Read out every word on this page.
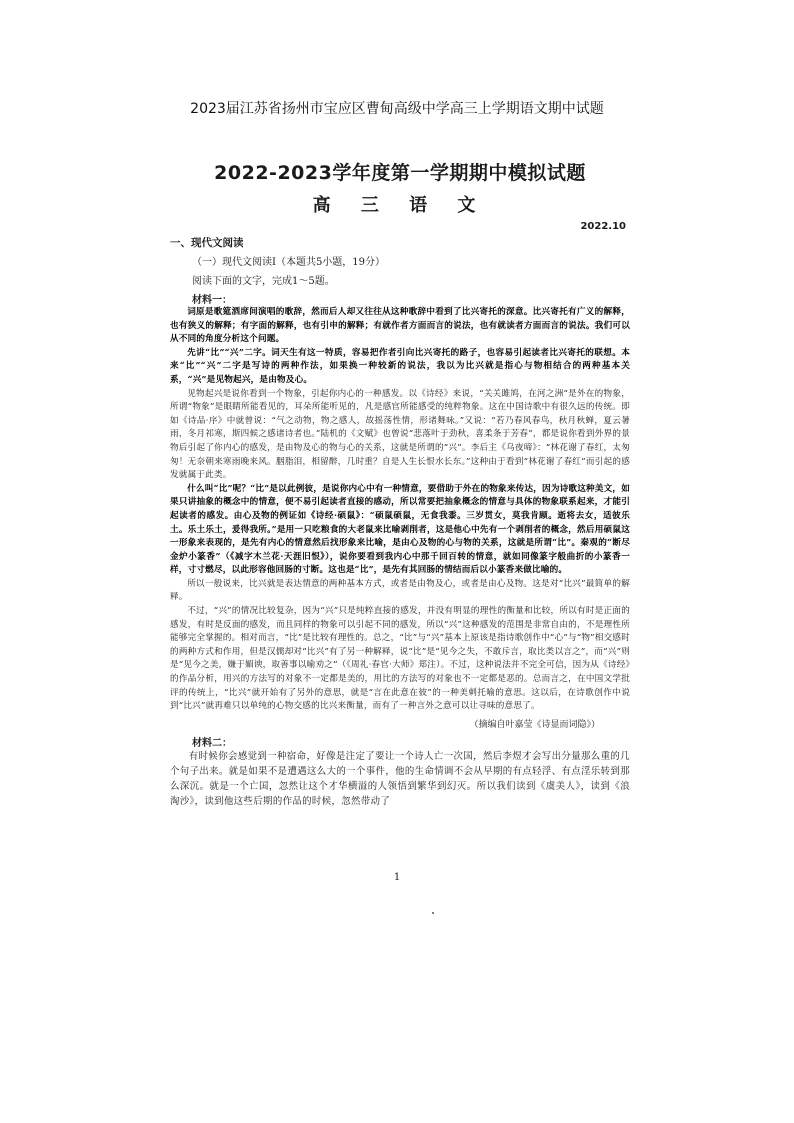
2023届江苏省扬州市宝应区曹甸高级中学高三上学期语文期中试题
2022-2023学年度第一学期期中模拟试题
高 三 语 文
2022.10
一、现代文阅读
（一）现代文阅读Ⅰ（本题共5小题，19分）
阅读下面的文字，完成1～5题。
材料一：

词原是歌筵酒席间演唱的歌辞，然而后人却又往往从这种歌辞中看到了比兴寄托的深意。比兴寄托有广义的解释，也有狭义的解释；有字面的解释，也有引申的解释；有就作者方面而言的说法，也有就读者方面而言的说法。我们可以从不同的角度分析这个问题。

先讲“比”“兴”二字。词天生有这一特质，容易把作者引向比兴寄托的路子，也容易引起读者比兴寄托的联想。本来“比”“兴”二字是写诗的两种作法，如果换一种较新的说法，我以为比兴就是指心与物相结合的两种基本关系，“兴”是见物起兴，是由物及心。

见物起兴是说你看到一个物象，引起你内心的一种感发。以《诗经》来说，“关关雎鸠，在河之洲”是外在的物象，所谓“物象”是眼睛所能看见的，耳朵所能听见的，凡是感官所能感受的纯粹物象。这在中国诗歌中有很久远的传统。即如《诗品·序》中就曾说：“气之动物，物之感人，故摇荡性情，形诸舞咏。”又说：“若乃春风春鸟，秋月秋蝉，夏云暑雨，冬月祁寒，斯四候之感诸诗者也。”陆机的《文赋》也曾说“悲落叶于劲秋，喜柔条于芳春”，都是说你看到外界的景物后引起了你内心的感发，是由物及心的物与心的关系，这就是所谓的“兴”。李后主《乌夜啼》：“林花谢了春红，太匆匆！无奈朝来寒雨晚来风。胭脂泪，相留醉，几时重？自是人生长恨水长东。”这种由于看到“林花谢了春红”而引起的感发就属于此类。

什么叫“比”呢？“比”是以此例彼，是说你内心中有一种情意，要借助于外在的物象来传达，因为诗歌这种美文，如果只讲抽象的概念中的情意，便不易引起读者直接的感动，所以常要把抽象概念的情意与具体的物象联系起来，才能引起读者的感发。由心及物的例证如《诗经·硕鼠》：“硕鼠硕鼠，无食我黍。三岁贯女，莫我肯顾。逝将去女，适彼乐土。乐土乐土，爰得我所。”是用一只吃粮食的大老鼠来比喻剥削者，这是他心中先有一个剥削者的概念，然后用硕鼠这一形象来表现的，是先有内心的情意然后找形象来比喻，是由心及物的心与物的关系，这就是所谓“比”。秦观的“断尽金炉小篆香”（《减字木兰花·天涯旧恨》），说你要看到我内心中那千回百转的情意，就如同像篆字般曲折的小篆香一样，寸寸燃尽，以此形容他回肠的寸断。这也是“比”，是先有其回肠的情结而后以小篆香来做比喻的。

所以一般说来，比兴就是表达情意的两种基本方式，或者是由物及心，或者是由心及物。这是对“比兴”最简单的解释。

不过，“兴”的情况比较复杂，因为“兴”只是纯粹直接的感发，并没有明显的理性的衡量和比较，所以有时是正面的感发，有时是反面的感发，而且同样的物象可以引起不同的感发，所以“兴”这种感发的范围是非常自由的，不是理性所能够完全掌握的。相对而言，“比”是比较有理性的。总之，“比”与“兴”基本上原该是指诗歌创作中“心”与“物”相交感时的两种方式和作用，但是汉儒却对“比兴”有了另一种解释，说“比”是“见今之失，不敢斥言，取比类以言之”，而“兴”则是“见今之美，嫌于媚谀，取善事以喻劝之”（《周礼·春官·大师》郑注）。不过，这种说法并不完全可信，因为从《诗经》的作品分析，用兴的方法写的对象不一定都是美的，用比的方法写的对象也不一定都是恶的。总而言之，在中国文学批评的传统上，“比兴”就开始有了另外的意思，就是“言在此意在彼”的一种美刺托喻的意思。这以后，在诗歌创作中说到“比兴”就再难只以单纯的心物交感的比兴来衡量，而有了一种言外之意可以让寻味的意思了。

（摘编自叶嘉莹《诗显而词隐》）
材料二：

有时候你会感觉到一种宿命，好像是注定了要让一个诗人亡一次国，然后李煜才会写出分量那么重的几个句子出来。就是如果不是遭遇这么大的一个事件，他的生命情调不会从早期的有点轻浮、有点淫乐转到那么深沉。就是一个亡国，忽然让这个才华横溢的人领悟到繁华到幻灭。所以我们读到《虞美人》，读到《浪淘沙》，读到他这些后期的作品的时候，忽然带动了

1
